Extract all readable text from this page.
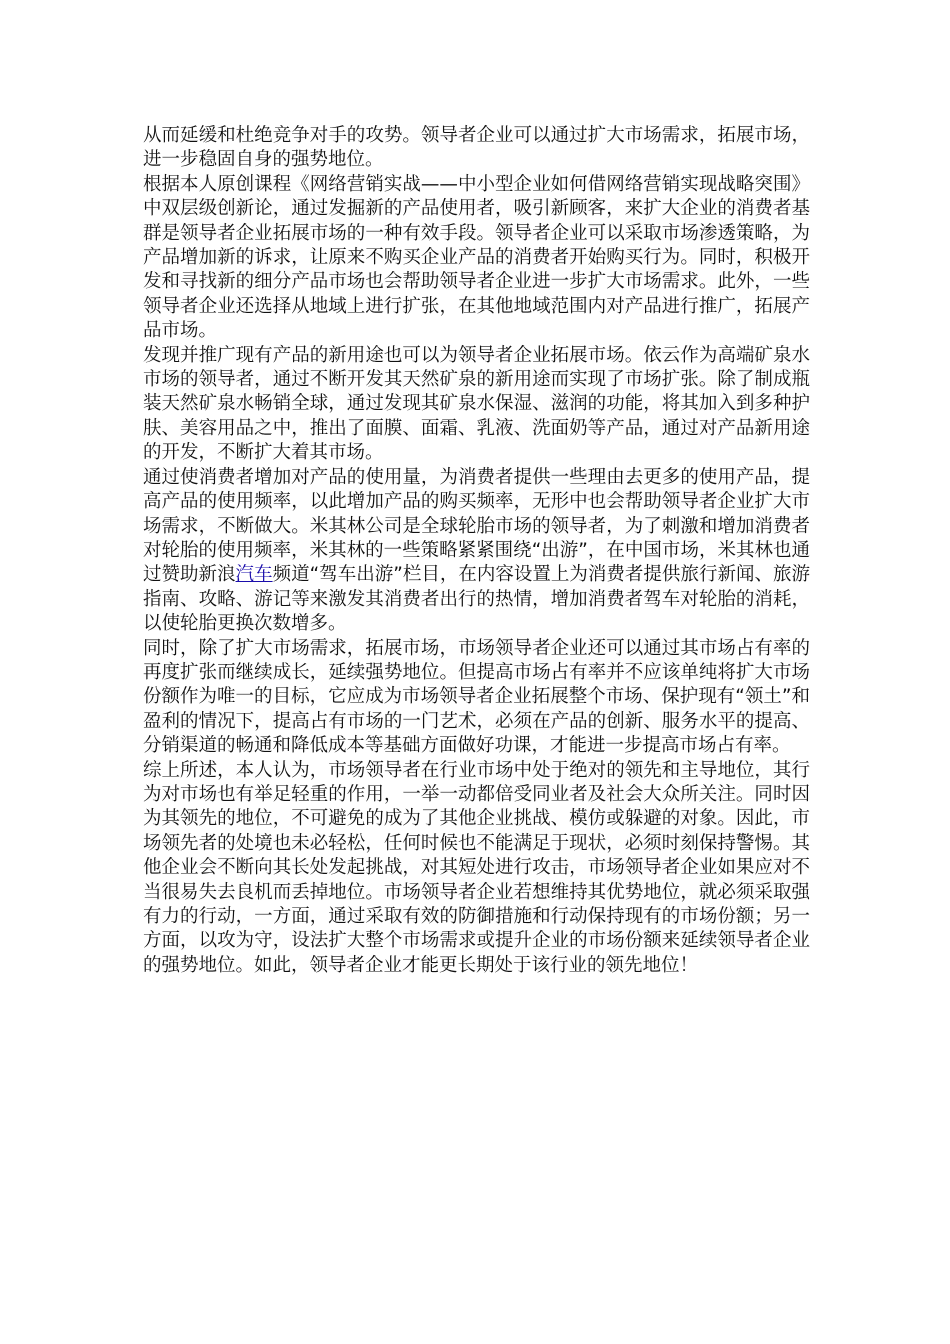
从而延缓和杜绝竞争对手的攻势。领导者企业可以通过扩大市场需求，拓展市场，进一步稳固自身的强势地位。

根据本人原创课程《网络营销实战——中小型企业如何借网络营销实现战略突围》中双层级创新论，通过发掘新的产品使用者，吸引新顾客，来扩大企业的消费者基群是领导者企业拓展市场的一种有效手段。领导者企业可以采取市场渗透策略，为产品增加新的诉求，让原来不购买企业产品的消费者开始购买行为。同时，积极开发和寻找新的细分产品市场也会帮助领导者企业进一步扩大市场需求。此外，一些领导者企业还选择从地域上进行扩张，在其他地域范围内对产品进行推广，拓展产品市场。

发现并推广现有产品的新用途也可以为领导者企业拓展市场。依云作为高端矿泉水市场的领导者，通过不断开发其天然矿泉的新用途而实现了市场扩张。除了制成瓶装天然矿泉水畅销全球，通过发现其矿泉水保湿、滋润的功能，将其加入到多种护肤、美容用品之中，推出了面膜、面霜、乳液、洗面奶等产品，通过对产品新用途的开发，不断扩大着其市场。

通过使消费者增加对产品的使用量，为消费者提供一些理由去更多的使用产品，提高产品的使用频率，以此增加产品的购买频率，无形中也会帮助领导者企业扩大市场需求，不断做大。米其林公司是全球轮胎市场的领导者，为了刺激和增加消费者对轮胎的使用频率，米其林的一些策略紧紧围绕“出游”，在中国市场，米其林也通过赞助新浪汽车频道“驾车出游”栏目，在内容设置上为消费者提供旅行新闻、旅游指南、攻略、游记等来激发其消费者出行的热情，增加消费者驾车对轮胎的消耗，以使轮胎更换次数增多。

同时，除了扩大市场需求，拓展市场，市场领导者企业还可以通过其市场占有率的再度扩张而继续成长，延续强势地位。但提高市场占有率并不应该单纯将扩大市场份额作为唯一的目标，它应成为市场领导者企业拓展整个市场、保护现有“领土”和盈利的情况下，提高占有市场的一门艺术，必须在产品的创新、服务水平的提高、分销渠道的畅通和降低成本等基础方面做好功课，才能进一步提高市场占有率。

综上所述，本人认为，市场领导者在行业市场中处于绝对的领先和主导地位，其行为对市场也有举足轻重的作用，一举一动都倍受同业者及社会大众所关注。同时因为其领先的地位，不可避免的成为了其他企业挑战、模仿或躲避的对象。因此，市场领先者的处境也未必轻松，任何时候也不能满足于现状，必须时刻保持警惕。其他企业会不断向其长处发起挑战，对其短处进行攻击，市场领导者企业如果应对不当很易失去良机而丢掉地位。市场领导者企业若想维持其优势地位，就必须采取强有力的行动，一方面，通过采取有效的防御措施和行动保持现有的市场份额；另一方面，以攻为守，设法扩大整个市场需求或提升企业的市场份额来延续领导者企业的强势地位。如此，领导者企业才能更长期处于该行业的领先地位！
